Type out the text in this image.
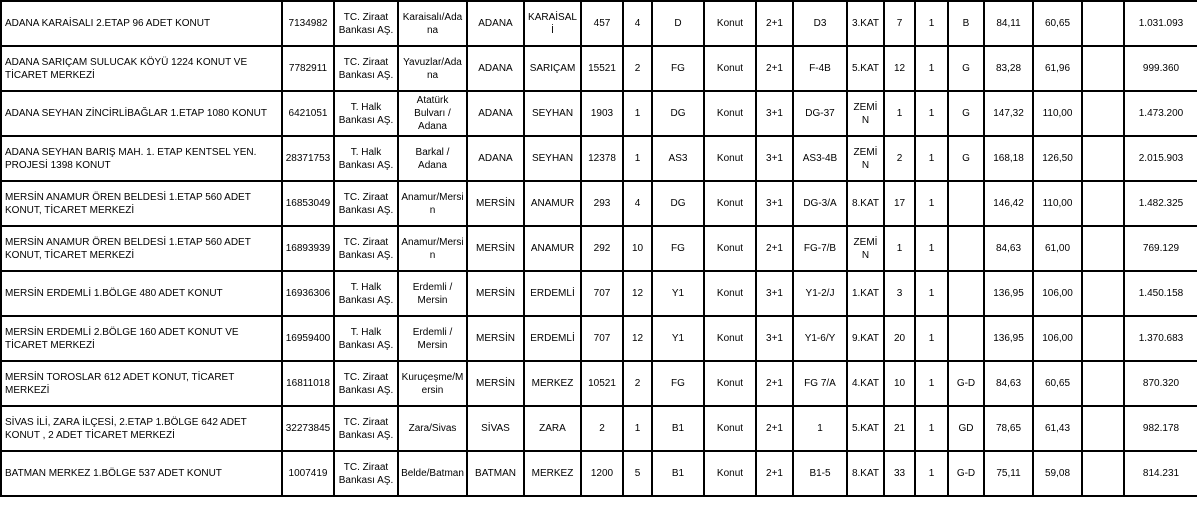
ADANA KARAİSALI 2.ETAP 96 ADET KONUT	7134982	TC. Ziraat Bankası AŞ.	Karaisalı/Adana	ADANA	KARAİSALİ	457	4	D	Konut	2+1	D3	3.KAT	7	1	B	84,11	60,65		1.031.093
ADANA SARIÇAM SULUCAK KÖYÜ 1224 KONUT VE TİCARET MERKEZİ	7782911	TC. Ziraat Bankası AŞ.	Yavuzlar/Adana	ADANA	SARIÇAM	15521	2	FG	Konut	2+1	F-4B	5.KAT	12	1	G	83,28	61,96		999.360
ADANA SEYHAN ZİNCİRLİBAĞLAR 1.ETAP 1080 KONUT	6421051	T. Halk Bankası AŞ.	Atatürk Bulvarı / Adana	ADANA	SEYHAN	1903	1	DG	Konut	3+1	DG-37	ZEMİN	1	1	G	147,32	110,00		1.473.200
ADANA SEYHAN BARIŞ MAH. 1. ETAP KENTSEL YEN. PROJESİ 1398 KONUT	28371753	T. Halk Bankası AŞ.	Barkal / Adana	ADANA	SEYHAN	12378	1	AS3	Konut	3+1	AS3-4B	ZEMİN	2	1	G	168,18	126,50		2.015.903
MERSİN ANAMUR ÖREN BELDESİ 1.ETAP 560 ADET KONUT, TİCARET MERKEZİ	16853049	TC. Ziraat Bankası AŞ.	Anamur/Mersin	MERSİN	ANAMUR	293	4	DG	Konut	3+1	DG-3/A	8.KAT	17	1		146,42	110,00		1.482.325
MERSİN ANAMUR ÖREN BELDESİ 1.ETAP 560 ADET KONUT, TİCARET MERKEZİ	16893939	TC. Ziraat Bankası AŞ.	Anamur/Mersin	MERSİN	ANAMUR	292	10	FG	Konut	2+1	FG-7/B	ZEMİN	1	1		84,63	61,00		769.129
MERSİN ERDEMLİ 1.BÖLGE 480 ADET KONUT	16936306	T. Halk Bankası AŞ.	Erdemli / Mersin	MERSİN	ERDEMLİ	707	12	Y1	Konut	3+1	Y1-2/J	1.KAT	3	1		136,95	106,00		1.450.158
MERSİN ERDEMLİ 2.BÖLGE 160 ADET KONUT VE TİCARET MERKEZİ	16959400	T. Halk Bankası AŞ.	Erdemli / Mersin	MERSİN	ERDEMLİ	707	12	Y1	Konut	3+1	Y1-6/Y	9.KAT	20	1		136,95	106,00		1.370.683
MERSİN TOROSLAR 612 ADET KONUT, TİCARET MERKEZİ	16811018	TC. Ziraat Bankası AŞ.	Kuruçeşme/Mersin	MERSİN	MERKEZ	10521	2	FG	Konut	2+1	FG 7/A	4.KAT	10	1	G-D	84,63	60,65		870.320
SİVAS İLİ, ZARA İLÇESİ, 2.ETAP 1.BÖLGE 642 ADET KONUT , 2 ADET TİCARET MERKEZİ	32273845	TC. Ziraat Bankası AŞ.	Zara/Sivas	SİVAS	ZARA	2	1	B1	Konut	2+1	1	5.KAT	21	1	GD	78,65	61,43		982.178
BATMAN MERKEZ 1.BÖLGE 537 ADET KONUT	1007419	TC. Ziraat Bankası AŞ.	Belde/Batman	BATMAN	MERKEZ	1200	5	B1	Konut	2+1	B1-5	8.KAT	33	1	G-D	75,11	59,08		814.231
